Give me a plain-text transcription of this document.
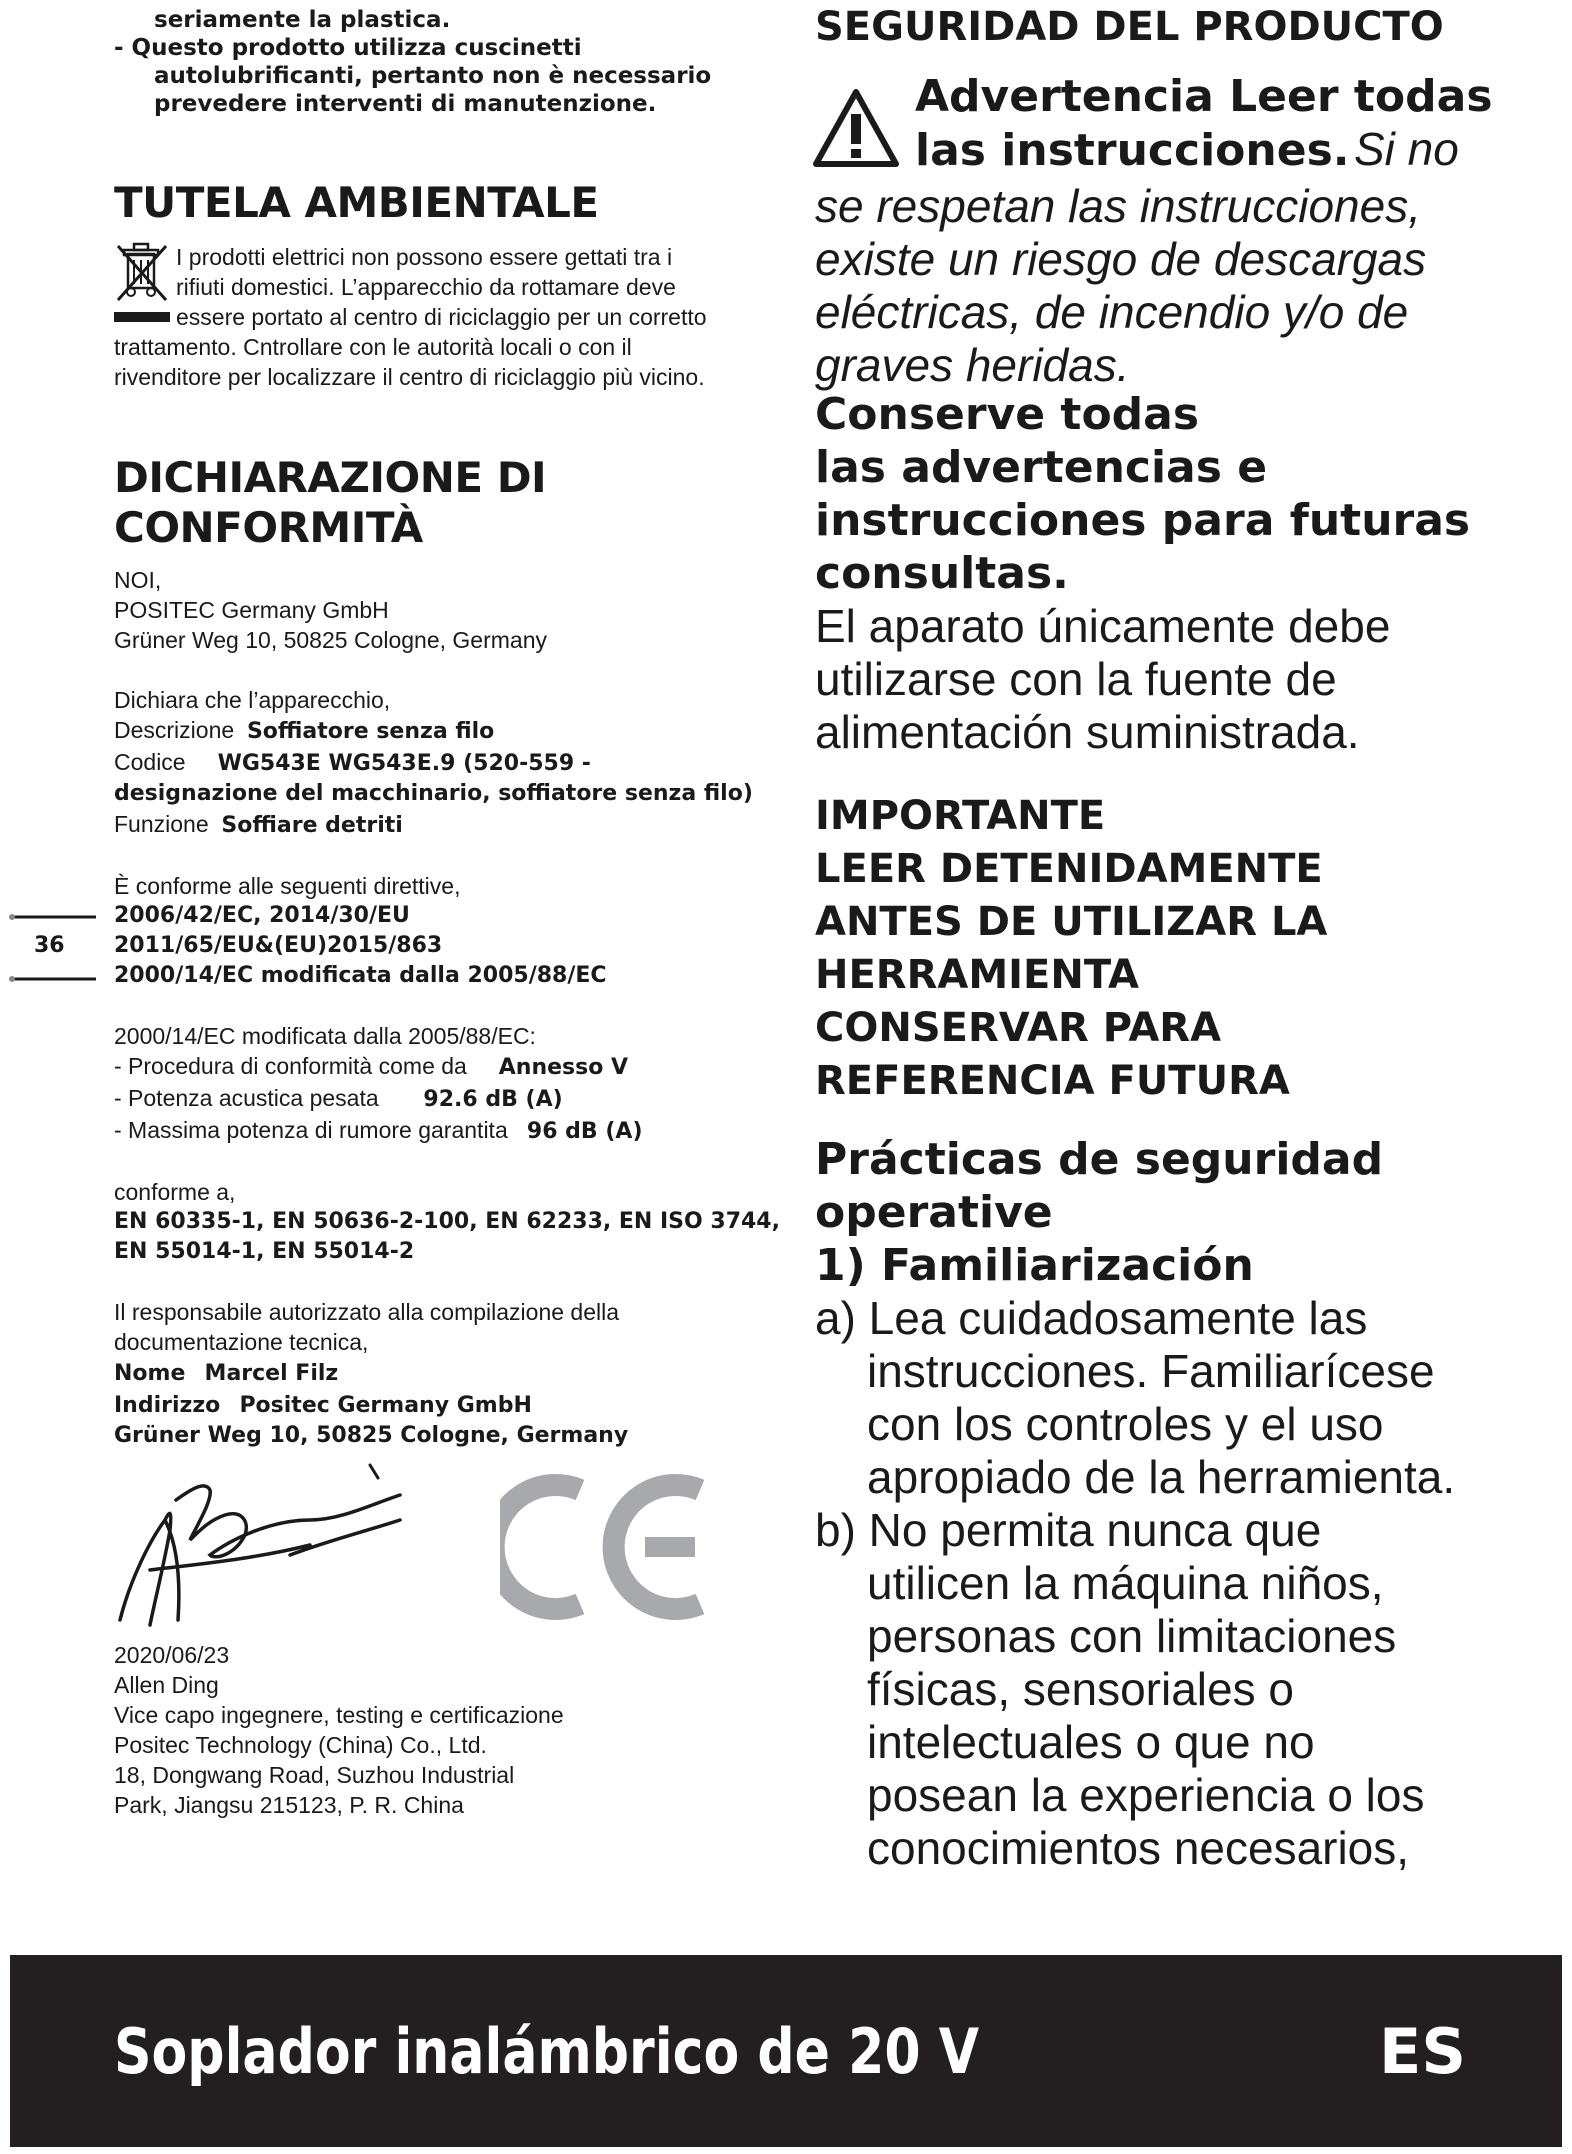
seriamente la plastica.
- Questo prodotto utilizza cuscinetti
autolubrificanti, pertanto non è necessario
prevedere interventi di manutenzione.
TUTELA AMBIENTALE
I prodotti elettrici non possono essere gettati tra i
rifiuti domestici. L’apparecchio da rottamare deve
essere portato al centro di riciclaggio per un corretto
trattamento. Cntrollare con le autorità locali o con il
rivenditore per localizzare il centro di riciclaggio più vicino.
DICHIARAZIONE DI
CONFORMITÀ
NOI,
POSITEC Germany GmbH
Grüner Weg 10, 50825 Cologne, Germany
Dichiara che l’apparecchio,
Descrizione Soffiatore senza filo
Codice WG543E WG543E.9 (520-559 -
designazione del macchinario, soffiatore senza filo)
Funzione Soffiare detriti
È conforme alle seguenti direttive,
2006/42/EC, 2014/30/EU
2011/65/EU&(EU)2015/863
2000/14/EC modificata dalla 2005/88/EC
2000/14/EC modificata dalla 2005/88/EC:
- Procedura di conformità come da Annesso V
- Potenza acustica pesata 92.6 dB (A)
- Massima potenza di rumore garantita 96 dB (A)
conforme a,
EN 60335-1, EN 50636-2-100, EN 62233, EN ISO 3744,
EN 55014-1, EN 55014-2
Il responsabile autorizzato alla compilazione della
documentazione tecnica,
Nome Marcel Filz
Indirizzo Positec Germany GmbH
Grüner Weg 10, 50825 Cologne, Germany
2020/06/23
Allen Ding
Vice capo ingegnere, testing e certificazione
Positec Technology (China) Co., Ltd.
18, Dongwang Road, Suzhou Industrial
Park, Jiangsu 215123, P. R. China
36
SEGURIDAD DEL PRODUCTO
Advertencia Leer todas
las instrucciones. Si no
se respetan las instrucciones,
existe un riesgo de descargas
eléctricas, de incendio y/o de
graves heridas.
Conserve todas
las advertencias e
instrucciones para futuras
consultas.
El aparato únicamente debe
utilizarse con la fuente de
alimentación suministrada.
IMPORTANTE
LEER DETENIDAMENTE
ANTES DE UTILIZAR LA
HERRAMIENTA
CONSERVAR PARA
REFERENCIA FUTURA
Prácticas de seguridad
operative
1) Familiarización
a) Lea cuidadosamente las instrucciones. Familiarícese con los controles y el uso apropiado de la herramienta.
b) No permita nunca que utilicen la máquina niños, personas con limitaciones físicas, sensoriales o intelectuales o que no posean la experiencia o los conocimientos necesarios,
Soplador inalámbrico de 20 V	ES
